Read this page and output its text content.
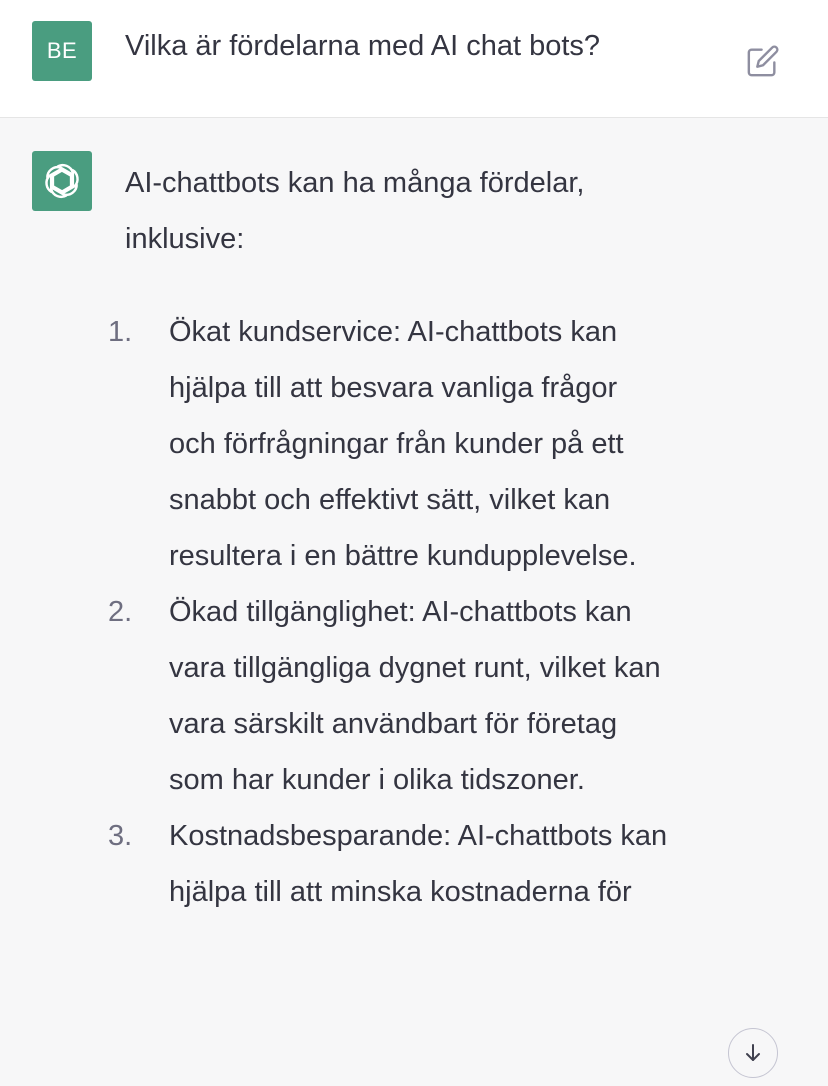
BE Vilka är fördelarna med AI chat bots?
AI-chattbots kan ha många fördelar, inklusive:
1. Ökat kundservice: AI-chattbots kan hjälpa till att besvara vanliga frågor och förfrågningar från kunder på ett snabbt och effektivt sätt, vilket kan resultera i en bättre kundupplevelse.
2. Ökad tillgänglighet: AI-chattbots kan vara tillgängliga dygnet runt, vilket kan vara särskilt användbart för företag som har kunder i olika tidszoner.
3. Kostnadsbesparande: AI-chattbots kan hjälpa till att minska kostnaderna för
